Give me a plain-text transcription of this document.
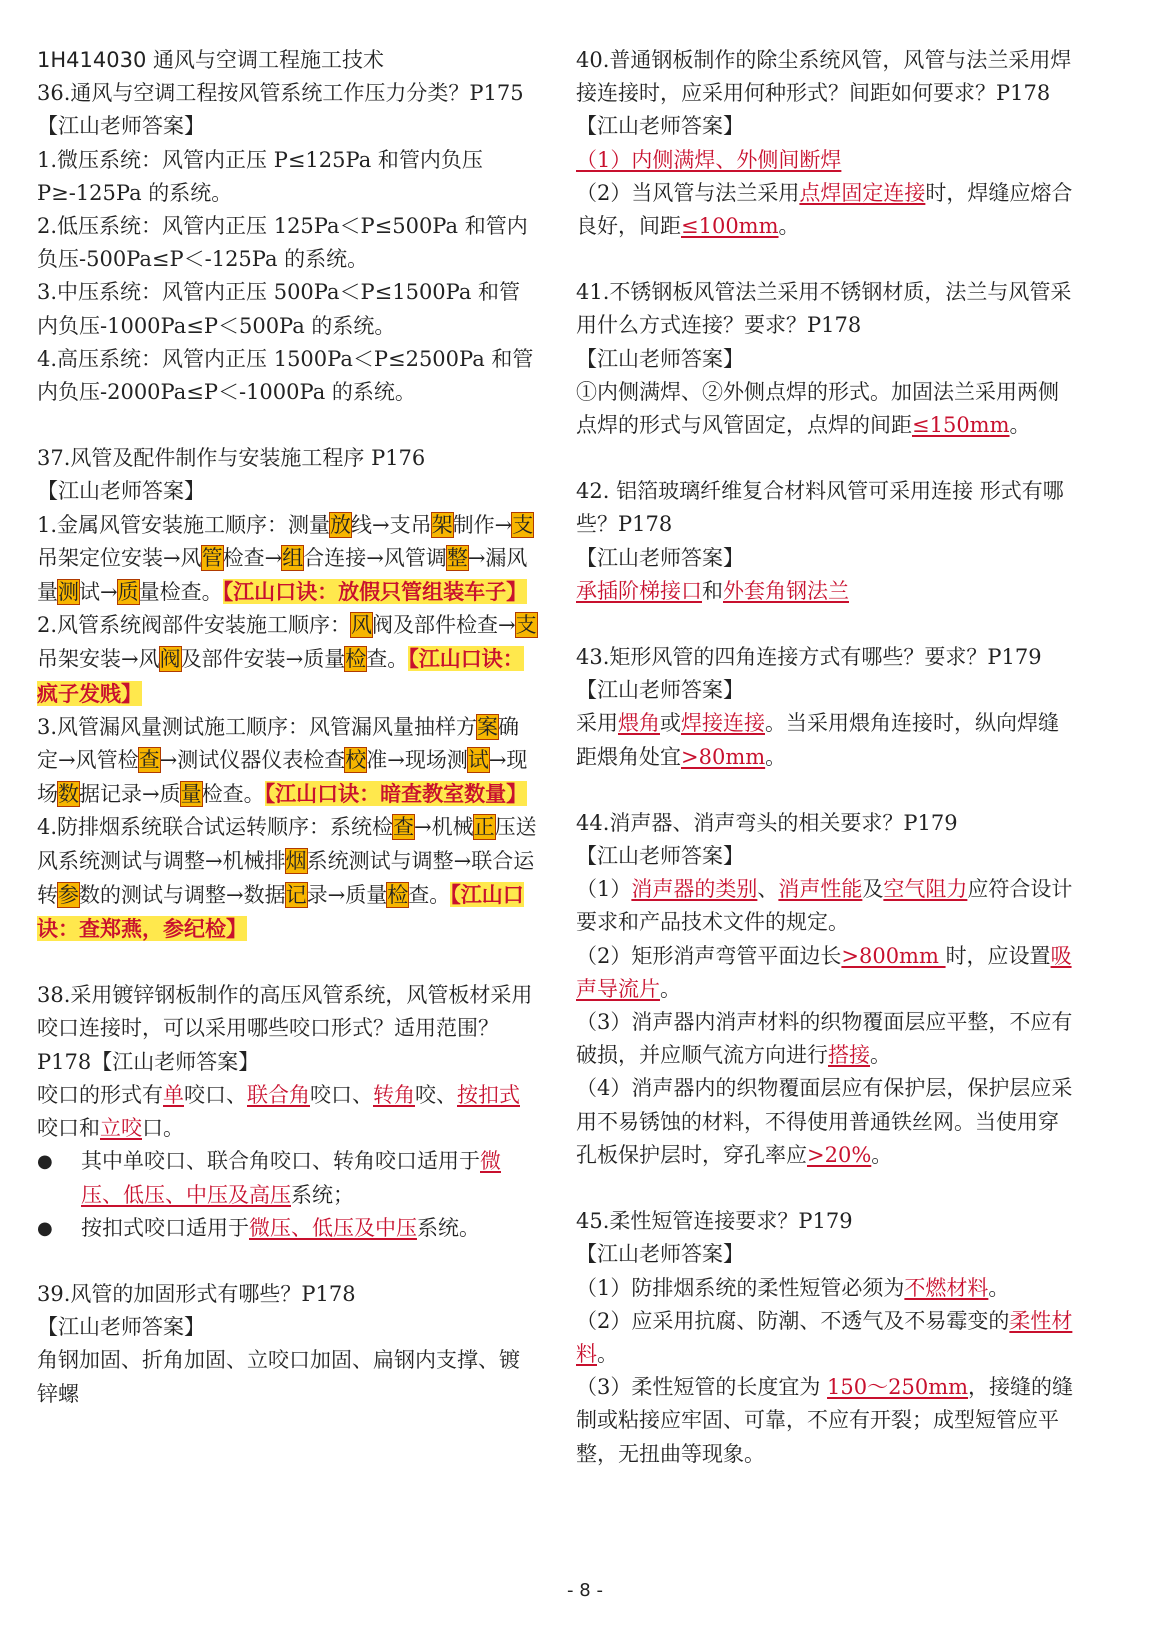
1H414030 通风与空调工程施工技术

36.通风与空调工程按风管系统工作压力分类？P175

【江山老师答案】

1.微压系统：风管内正压 P≤125Pa 和管内负压 P≥-125Pa 的系统。

2.低压系统：风管内正压 125Pa＜P≤500Pa 和管内负压-500Pa≤P＜-125Pa 的系统。

3.中压系统：风管内正压 500Pa＜P≤1500Pa 和管内负压-1000Pa≤P＜500Pa 的系统。

4.高压系统：风管内正压 1500Pa＜P≤2500Pa 和管内负压-2000Pa≤P＜-1000Pa 的系统。

37.风管及配件制作与安装施工程序 P176

【江山老师答案】

1.金属风管安装施工顺序：测量放线→支吊架制作→支吊架定位安装→风管检查→组合连接→风管调整→漏风量测试→质量检查。【江山口诀：放假只管组装车子】

2.风管系统阀部件安装施工顺序：风阀及部件检查→支吊架安装→风阀及部件安装→质量检查。【江山口诀：疯子发贱】

3.风管漏风量测试施工顺序：风管漏风量抽样方案确定→风管检查→测试仪器仪表检查校准→现场测试→现场数据记录→质量检查。【江山口诀：暗查教室数量】

4.防排烟系统联合试运转顺序：系统检查→机械正压送风系统测试与调整→机械排烟系统测试与调整→联合运转参数的测试与调整→数据记录→质量检查。【江山口诀：查郑燕，参纪检】

38.采用镀锌钢板制作的高压风管系统，风管板材采用咬口连接时，可以采用哪些咬口形式？适用范围？P178【江山老师答案】

咬口的形式有单咬口、联合角咬口、转角咬、按扣式咬口和立咬口。

● 其中单咬口、联合角咬口、转角咬口适用于微压、低压、中压及高压系统；

● 按扣式咬口适用于微压、低压及中压系统。

39.风管的加固形式有哪些？P178

【江山老师答案】

角钢加固、折角加固、立咬口加固、扁钢内支撑、镀锌螺

40.普通钢板制作的除尘系统风管，风管与法兰采用焊接连接时，应采用何种形式？间距如何要求？P178

【江山老师答案】

（1）内侧满焊、外侧间断焊

（2）当风管与法兰采用点焊固定连接时，焊缝应熔合良好，间距≤100mm。

41.不锈钢板风管法兰采用不锈钢材质，法兰与风管采用什么方式连接？要求？P178

【江山老师答案】

①内侧满焊、②外侧点焊的形式。加固法兰采用两侧点焊的形式与风管固定，点焊的间距≤150mm。

42. 铝箔玻璃纤维复合材料风管可采用连接 形式有哪些？P178

【江山老师答案】

承插阶梯接口和外套角钢法兰

43.矩形风管的四角连接方式有哪些？要求？P179

【江山老师答案】

采用煨角或焊接连接。当采用煨角连接时，纵向焊缝距煨角处宜>80mm。

44.消声器、消声弯头的相关要求？P179

【江山老师答案】

（1）消声器的类别、消声性能及空气阻力应符合设计要求和产品技术文件的规定。

（2）矩形消声弯管平面边长>800mm 时，应设置吸声导流片。

（3）消声器内消声材料的织物覆面层应平整，不应有破损，并应顺气流方向进行搭接。

（4）消声器内的织物覆面层应有保护层，保护层应采用不易锈蚀的材料，不得使用普通铁丝网。当使用穿孔板保护层时，穿孔率应>20%。

45.柔性短管连接要求？P179

【江山老师答案】

（1）防排烟系统的柔性短管必须为不燃材料。

（2）应采用抗腐、防潮、不透气及不易霉变的柔性材料。

（3）柔性短管的长度宜为 150～250mm，接缝的缝制或粘接应牢固、可靠，不应有开裂；成型短管应平整，无扭曲等现象。

- 8 -
